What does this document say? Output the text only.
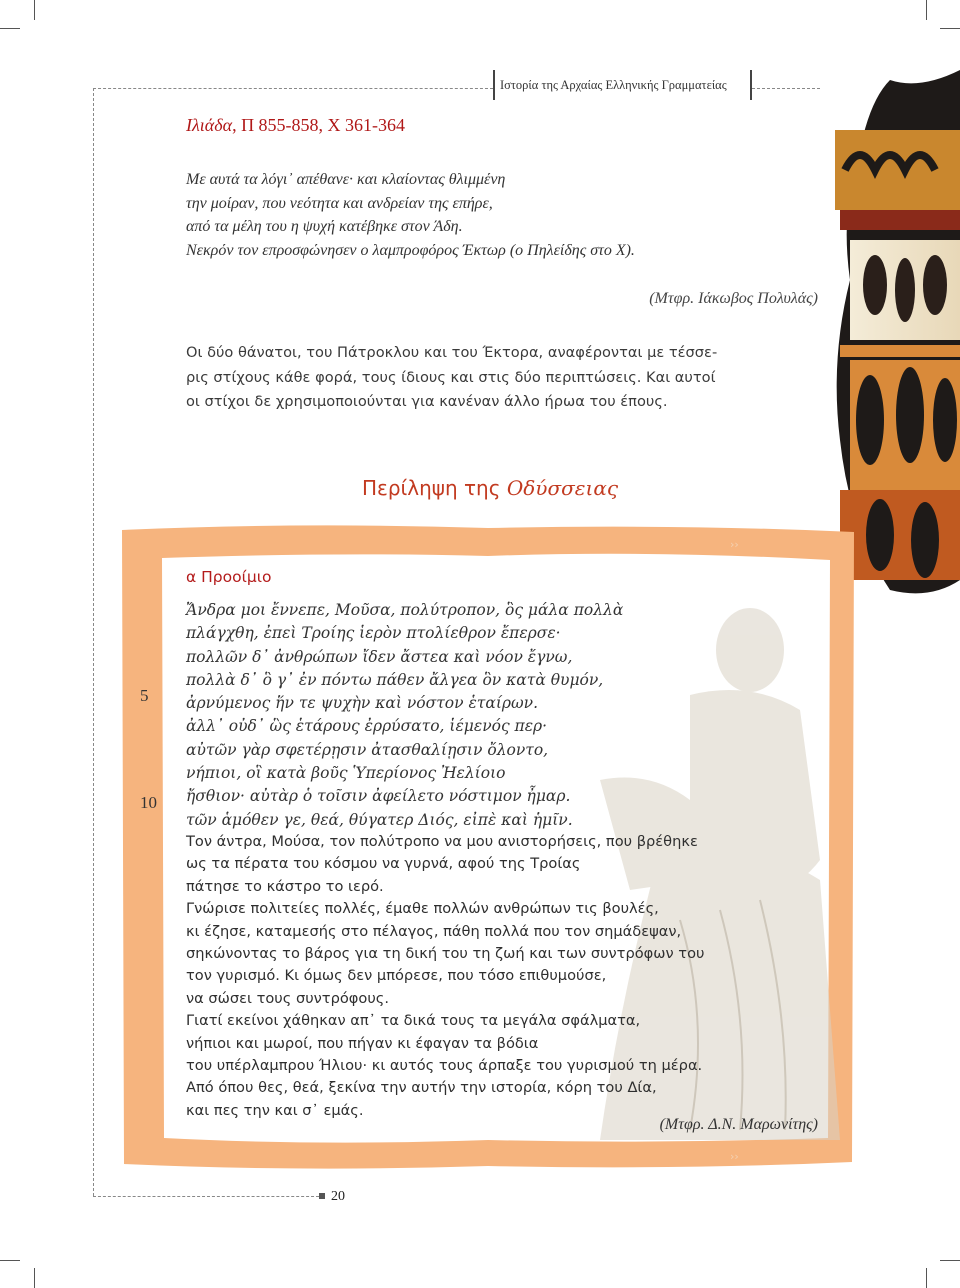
Ιστορία της Αρχαίας Ελληνικής Γραμματείας
Ιλιάδα, Π 855-858, Χ 361-364
Με αυτά τα λόγι᾽ απέθανε· και κλαίοντας θλιμμένη
την μοίραν, που νεότητα και ανδρείαν της επήρε,
από τα μέλη του η ψυχή κατέβηκε στον Άδη.
Νεκρόν τον επροσφώνησεν ο λαμπροφόρος Έκτωρ (ο Πηλείδης στο Χ).
(Μτφρ. Ιάκωβος Πολυλάς)
Οι δύο θάνατοι, του Πάτροκλου και του Έκτορα, αναφέρονται με τέσσε-
ρις στίχους κάθε φορά, τους ίδιους και στις δύο περιπτώσεις. Και αυτοί
οι στίχοι δε χρησιμοποιούνται για κανέναν άλλο ήρωα του έπους.
Περίληψη της Οδύσσειας
››
››
α Προοίμιο
Ἄνδρα μοι ἔννεπε, Μοῦσα, πολύτροπον, ὃς μάλα πολλὰ
πλάγχθη, ἐπεὶ Τροίης ἱερὸν πτολίεθρον ἔπερσε·
πολλῶν δ᾽ ἀνθρώπων ἴδεν ἄστεα καὶ νόον ἔγνω,
πολλὰ δ᾽ ὃ γ᾽ ἐν πόντω πάθεν ἄλγεα ὃν κατὰ θυμόν,
ἀρνύμενος ἥν τε ψυχὴν καὶ νόστον ἑταίρων.
ἀλλ᾽ οὐδ᾽ ὣς ἑτάρους ἐρρύσατο, ἱέμενός περ·
αὐτῶν γὰρ σφετέρῃσιν ἀτασθαλίῃσιν ὄλοντο,
νήπιοι, οἳ κατὰ βοῦς Ὑπερίονος Ἠελίοιο
ἤσθιον· αὐτὰρ ὁ τοῖσιν ἀφείλετο νόστιμον ἦμαρ.
τῶν ἁμόθεν γε, θεά, θύγατερ Διός, εἰπὲ καὶ ἡμῖν.
5
10
Τον άντρα, Μούσα, τον πολύτροπο να μου ανιστορήσεις, που βρέθηκε
ως τα πέρατα του κόσμου να γυρνά, αφού της Τροίας
πάτησε το κάστρο το ιερό.
Γνώρισε πολιτείες πολλές, έμαθε πολλών ανθρώπων τις βουλές,
κι έζησε, καταμεσής στο πέλαγος, πάθη πολλά που τον σημάδεψαν,
σηκώνοντας το βάρος για τη δική του τη ζωή και των συντρόφων του
τον γυρισμό. Κι όμως δεν μπόρεσε, που τόσο επιθυμούσε,
να σώσει τους συντρόφους.
Γιατί εκείνοι χάθηκαν απ᾽ τα δικά τους τα μεγάλα σφάλματα,
νήπιοι και μωροί, που πήγαν κι έφαγαν τα βόδια
του υπέρλαμπρου Ήλιου· κι αυτός τους άρπαξε του γυρισμού τη μέρα.
Από όπου θες, θεά, ξεκίνα την αυτήν την ιστορία, κόρη του Δία,
και πες την και σ᾽ εμάς.
(Μτφρ. Δ.Ν. Μαρωνίτης)
20
